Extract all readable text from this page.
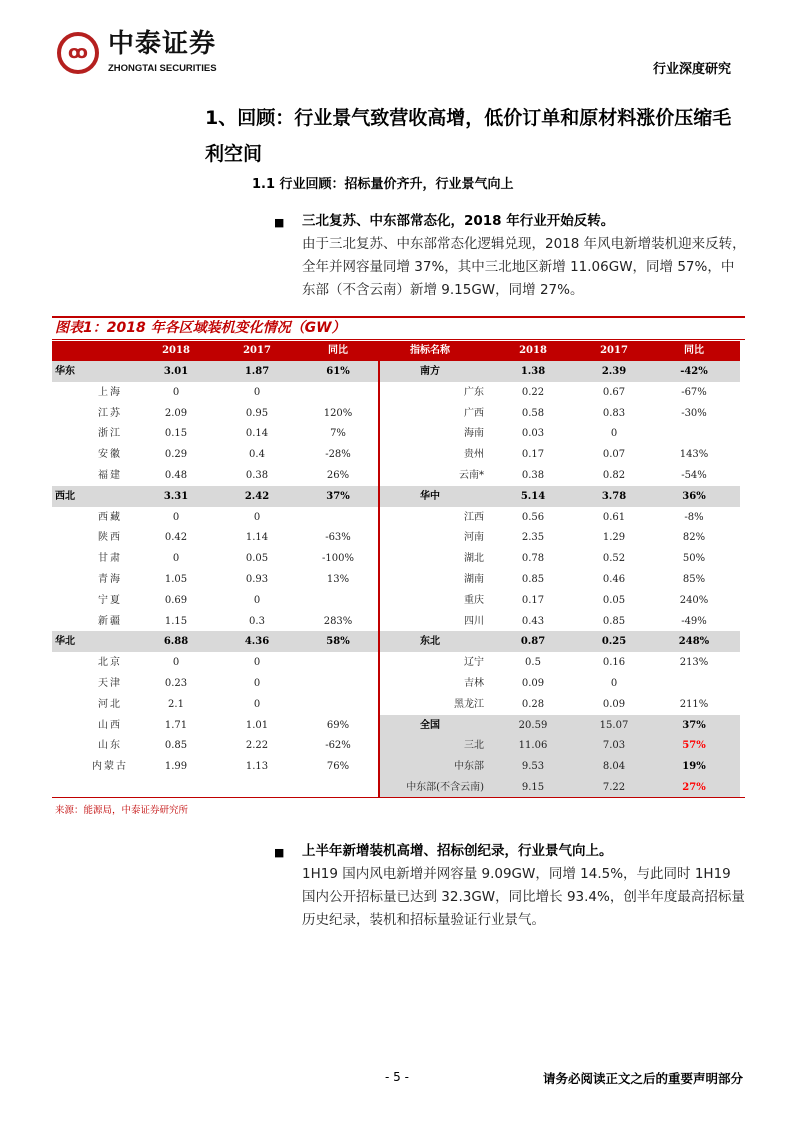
ꝏ 中泰证券
ZHONGTAI SECURITIES	行业深度研究
1、回顾：行业景气致营收高增，低价订单和原材料涨价压缩毛利空间
1.1 行业回顾：招标量价齐升，行业景气向上
■ 三北复苏、中东部常态化，2018 年行业开始反转。
由于三北复苏、中东部常态化逻辑兑现，2018 年风电新增装机迎来反转，全年并网容量同增 37%，其中三北地区新增 11.06GW，同增 57%，中东部（不含云南）新增 9.15GW，同增 27%。
图表1：2018 年各区域装机变化情况（GW）
2018	2017	同比	指标名称	2018	2017	同比
华东	3.01	1.87	61%
上海	0	0
江苏	2.09	0.95	120%
浙江	0.15	0.14	7%
安徽	0.29	0.4	-28%
福建	0.48	0.38	26%
西北	3.31	2.42	37%
西藏	0	0
陕西	0.42	1.14	-63%
甘肃	0	0.05	-100%
青海	1.05	0.93	13%
宁夏	0.69	0
新疆	1.15	0.3	283%
华北	6.88	4.36	58%
北京	0	0
天津	0.23	0
河北	2.1	0
山西	1.71	1.01	69%
山东	0.85	2.22	-62%
内蒙古	1.99	1.13	76%
南方	1.38	2.39	-42%
广东	0.22	0.67	-67%
广西	0.58	0.83	-30%
海南	0.03	0
贵州	0.17	0.07	143%
云南*	0.38	0.82	-54%
华中	5.14	3.78	36%
江西	0.56	0.61	-8%
河南	2.35	1.29	82%
湖北	0.78	0.52	50%
湖南	0.85	0.46	85%
重庆	0.17	0.05	240%
四川	0.43	0.85	-49%
东北	0.87	0.25	248%
辽宁	0.5	0.16	213%
吉林	0.09	0
黑龙江	0.28	0.09	211%
全国	20.59	15.07	37%
三北	11.06	7.03	57%
中东部	9.53	8.04	19%
中东部(不含云南)	9.15	7.22	27%
来源：能源局，中泰证券研究所
■ 上半年新增装机高增、招标创纪录，行业景气向上。
1H19 国内风电新增并网容量 9.09GW，同增 14.5%，与此同时 1H19 国内公开招标量已达到 32.3GW，同比增长 93.4%，创半年度最高招标量历史纪录，装机和招标量验证行业景气。
- 5 -	请务必阅读正文之后的重要声明部分
